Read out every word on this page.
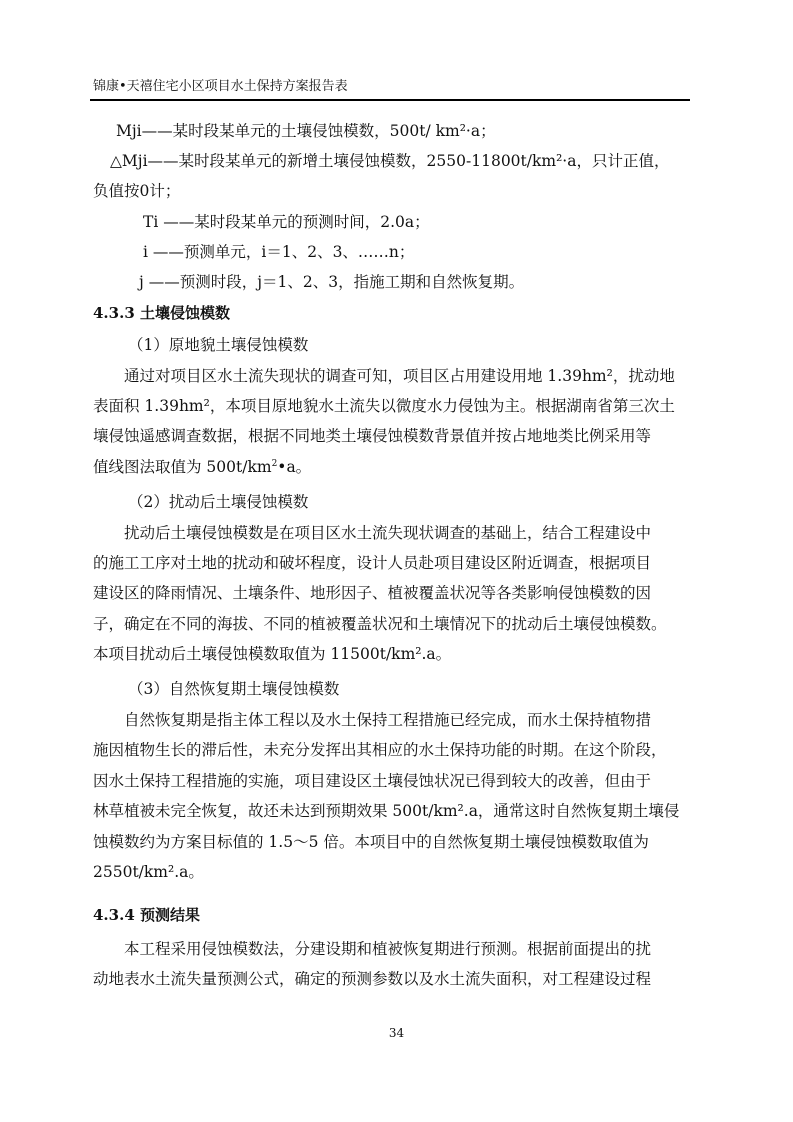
锦康•天禧住宅小区项目水土保持方案报告表
Mji——某时段某单元的土壤侵蚀模数，500t/ km²·a；
△Mji——某时段某单元的新增土壤侵蚀模数，2550-11800t/km²·a，只计正值，
负值按0计；
Ti ——某时段某单元的预测时间，2.0a；
i ——预测单元，i＝1、2、3、……n；
j ——预测时段，j＝1、2、3，指施工期和自然恢复期。
4.3.3 土壤侵蚀模数
（1）原地貌土壤侵蚀模数
通过对项目区水土流失现状的调查可知，项目区占用建设用地 1.39hm²，扰动地
表面积 1.39hm²，本项目原地貌水土流失以微度水力侵蚀为主。根据湖南省第三次土
壤侵蚀遥感调查数据，根据不同地类土壤侵蚀模数背景值并按占地地类比例采用等
值线图法取值为 $500t/km^2•a$。
（2）扰动后土壤侵蚀模数
扰动后土壤侵蚀模数是在项目区水土流失现状调查的基础上，结合工程建设中
的施工工序对土地的扰动和破坏程度，设计人员赴项目建设区附近调查，根据项目
建设区的降雨情况、土壤条件、地形因子、植被覆盖状况等各类影响侵蚀模数的因
子，确定在不同的海拔、不同的植被覆盖状况和土壤情况下的扰动后土壤侵蚀模数。
本项目扰动后土壤侵蚀模数取值为 11500t/km².a。
（3）自然恢复期土壤侵蚀模数
自然恢复期是指主体工程以及水土保持工程措施已经完成，而水土保持植物措
施因植物生长的滞后性，未充分发挥出其相应的水土保持功能的时期。在这个阶段，
因水土保持工程措施的实施，项目建设区土壤侵蚀状况已得到较大的改善，但由于
林草植被未完全恢复，故还未达到预期效果 500t/km².a，通常这时自然恢复期土壤侵
蚀模数约为方案目标值的 1.5～5 倍。本项目中的自然恢复期土壤侵蚀模数取值为
2550t/km².a。
4.3.4 预测结果
本工程采用侵蚀模数法，分建设期和植被恢复期进行预测。根据前面提出的扰
动地表水土流失量预测公式，确定的预测参数以及水土流失面积，对工程建设过程
34
